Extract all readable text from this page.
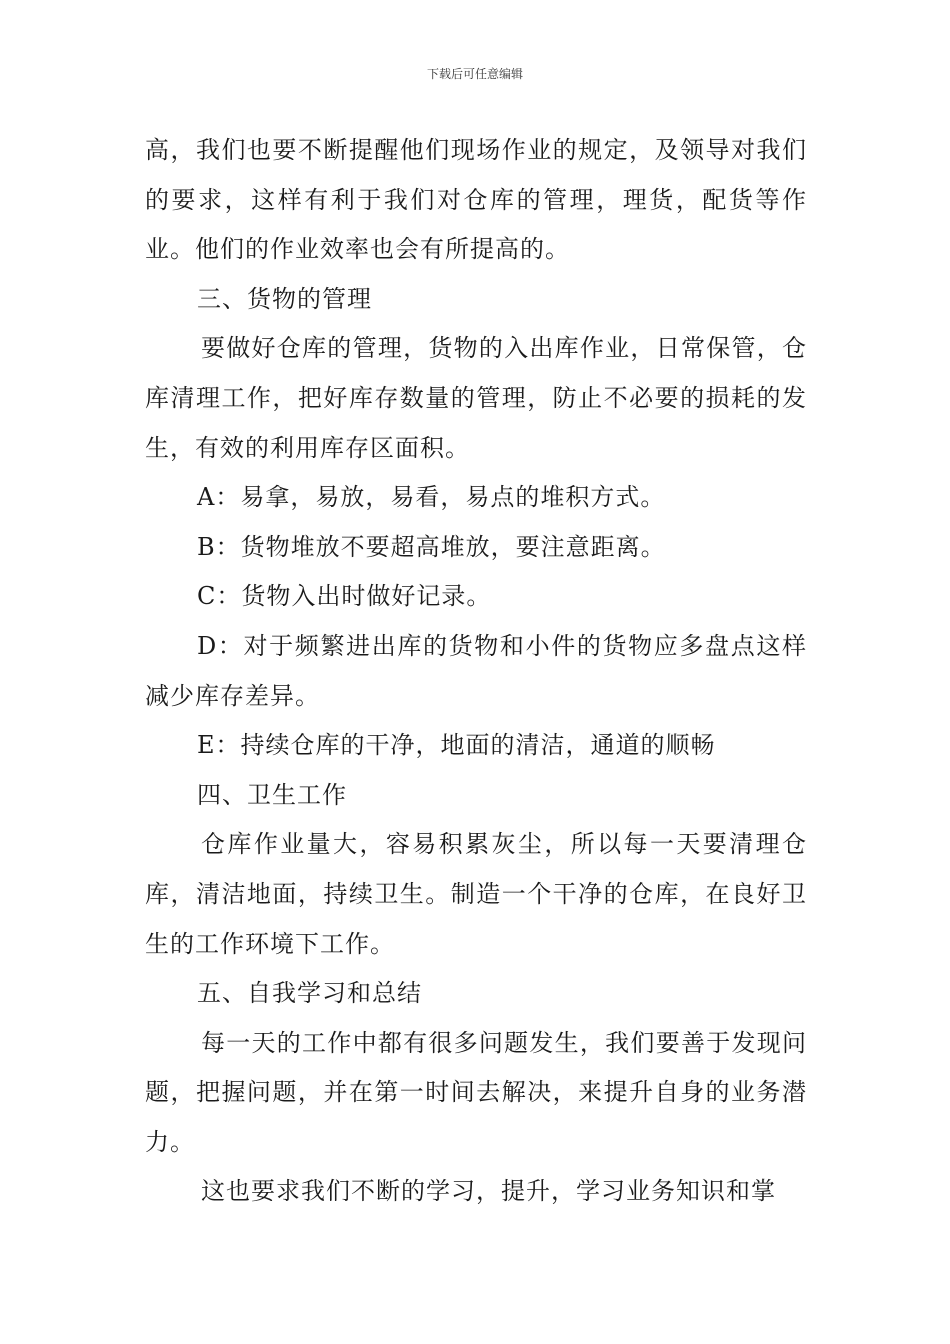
下载后可任意编辑

高，我们也要不断提醒他们现场作业的规定，及领导对我们的要求，这样有利于我们对仓库的管理，理货，配货等作业。他们的作业效率也会有所提高的。

三、货物的管理

要做好仓库的管理，货物的入出库作业，日常保管，仓库清理工作，把好库存数量的管理，防止不必要的损耗的发生，有效的利用库存区面积。

A：易拿，易放，易看，易点的堆积方式。

B：货物堆放不要超高堆放，要注意距离。

C：货物入出时做好记录。

D：对于频繁进出库的货物和小件的货物应多盘点这样减少库存差异。

E：持续仓库的干净，地面的清洁，通道的顺畅

四、卫生工作

仓库作业量大，容易积累灰尘，所以每一天要清理仓库，清洁地面，持续卫生。制造一个干净的仓库，在良好卫生的工作环境下工作。

五、自我学习和总结

每一天的工作中都有很多问题发生，我们要善于发现问题，把握问题，并在第一时间去解决，来提升自身的业务潜力。

这也要求我们不断的学习，提升，学习业务知识和掌
